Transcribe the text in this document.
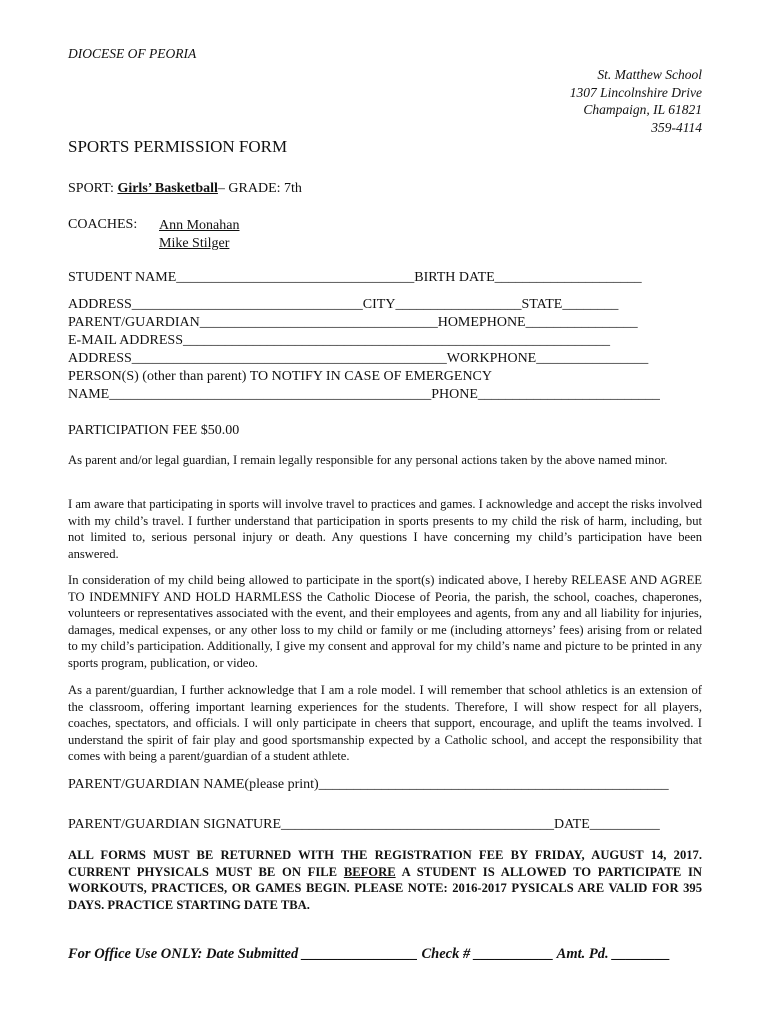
DIOCESE OF PEORIA
St. Matthew School
1307 Lincolnshire Drive
Champaign, IL 61821
359-4114
SPORTS PERMISSION FORM
SPORT: Girls’ Basketball– GRADE: 7th
COACHES: Ann Monahan
Mike Stilger
STUDENT NAME__________________________________BIRTH DATE_____________________
ADDRESS_________________________________CITY__________________STATE________
PARENT/GUARDIAN__________________________________HOMEPHONE________________
E-MAIL ADDRESS_____________________________________________________________
ADDRESS_____________________________________________WORKPHONE________________
PERSON(S) (other than parent) TO NOTIFY IN CASE OF EMERGENCY
NAME______________________________________________PHONE__________________________
PARTICIPATION FEE $50.00
As parent and/or legal guardian, I remain legally responsible for any personal actions taken by the above named minor.
I am aware that participating in sports will involve travel to practices and games. I acknowledge and accept the risks involved with my child’s travel. I further understand that participation in sports presents to my child the risk of harm, including, but not limited to, serious personal injury or death. Any questions I have concerning my child’s participation have been answered.
In consideration of my child being allowed to participate in the sport(s) indicated above, I hereby RELEASE AND AGREE TO INDEMNIFY AND HOLD HARMLESS the Catholic Diocese of Peoria, the parish, the school, coaches, chaperones, volunteers or representatives associated with the event, and their employees and agents, from any and all liability for injuries, damages, medical expenses, or any other loss to my child or family or me (including attorneys’ fees) arising from or related to my child’s participation. Additionally, I give my consent and approval for my child’s name and picture to be printed in any sports program, publication, or video.
As a parent/guardian, I further acknowledge that I am a role model. I will remember that school athletics is an extension of the classroom, offering important learning experiences for the students. Therefore, I will show respect for all players, coaches, spectators, and officials. I will only participate in cheers that support, encourage, and uplift the teams involved. I understand the spirit of fair play and good sportsmanship expected by a Catholic school, and accept the responsibility that comes with being a parent/guardian of a student athlete.
PARENT/GUARDIAN NAME(please print)__________________________________________________
PARENT/GUARDIAN SIGNATURE_______________________________________DATE__________
ALL FORMS MUST BE RETURNED WITH THE REGISTRATION FEE BY FRIDAY, AUGUST 14, 2017. CURRENT PHYSICALS MUST BE ON FILE BEFORE A STUDENT IS ALLOWED TO PARTICIPATE IN WORKOUTS, PRACTICES, OR GAMES BEGIN. PLEASE NOTE: 2016-2017 PYSICALS ARE VALID FOR 395 DAYS. PRACTICE STARTING DATE TBA.
For Office Use ONLY: Date Submitted ________________ Check # ___________ Amt. Pd. ________
